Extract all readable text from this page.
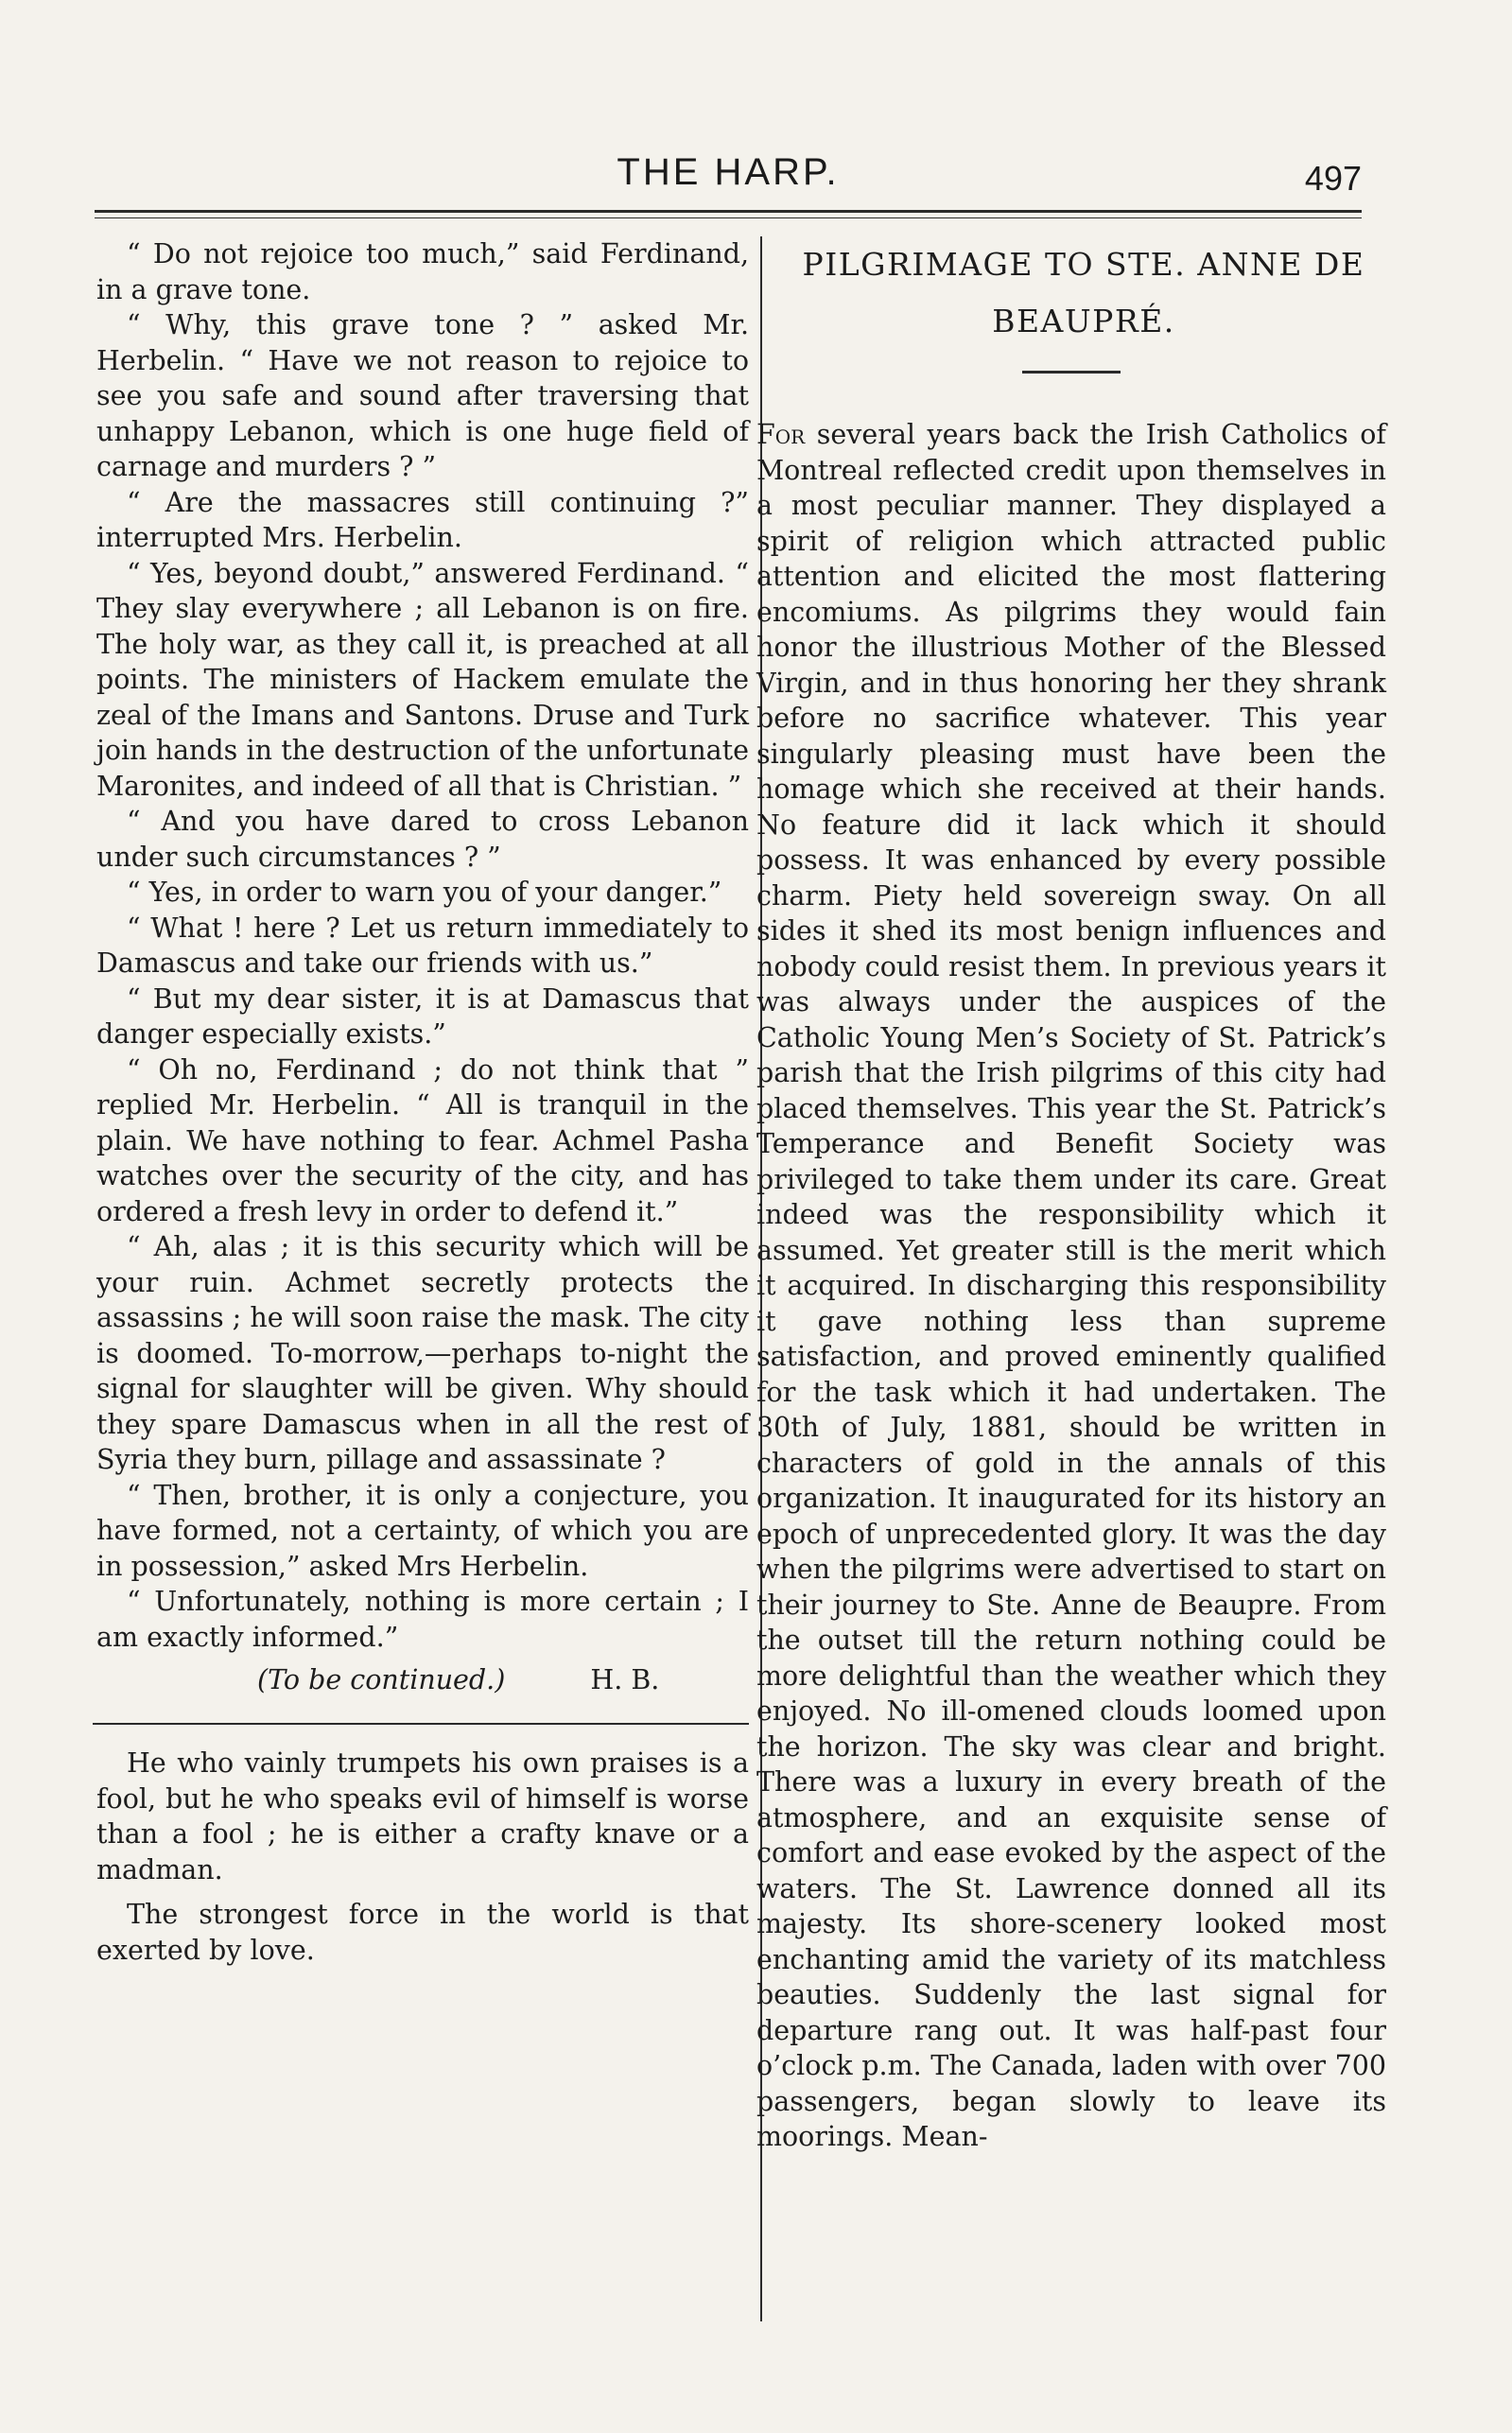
THE HARP.	497

“ Do not rejoice too much,” said Ferdinand, in a grave tone.

“ Why, this grave tone ? ” asked Mr. Herbelin. “ Have we not reason to rejoice to see you safe and sound after traversing that unhappy Lebanon, which is one huge field of carnage and murders ? ”

“ Are the massacres still continuing ?” interrupted Mrs. Herbelin.

“ Yes, beyond doubt,” answered Ferdinand. “ They slay everywhere ; all Lebanon is on fire. The holy war, as they call it, is preached at all points. The ministers of Hackem emulate the zeal of the Imans and Santons. Druse and Turk join hands in the destruction of the unfortunate Maronites, and indeed of all that is Christian. ”

“ And you have dared to cross Lebanon under such circumstances ? ”

“ Yes, in order to warn you of your danger.”

“ What ! here ? Let us return immediately to Damascus and take our friends with us.”

“ But my dear sister, it is at Damascus that danger especially exists.”

“ Oh no, Ferdinand ; do not think that ” replied Mr. Herbelin. “ All is tranquil in the plain. We have nothing to fear. Achmel Pasha watches over the security of the city, and has ordered a fresh levy in order to defend it.”

“ Ah, alas ; it is this security which will be your ruin. Achmet secretly protects the assassins ; he will soon raise the mask. The city is doomed. To-morrow,—perhaps to-night the signal for slaughter will be given. Why should they spare Damascus when in all the rest of Syria they burn, pillage and assassinate ?

“ Then, brother, it is only a conjecture, you have formed, not a certainty, of which you are in possession,” asked Mrs Herbelin.

“ Unfortunately, nothing is more certain ; I am exactly informed.”

(To be continued.)	H. B.

He who vainly trumpets his own praises is a fool, but he who speaks evil of himself is worse than a fool ; he is either a crafty knave or a madman.

The strongest force in the world is that exerted by love.

PILGRIMAGE TO STE. ANNE DE BEAUPRÉ.

For several years back the Irish Catholics of Montreal reflected credit upon themselves in a most peculiar manner. They displayed a spirit of religion which attracted public attention and elicited the most flattering encomiums. As pilgrims they would fain honor the illustrious Mother of the Blessed Virgin, and in thus honoring her they shrank before no sacrifice whatever. This year singularly pleasing must have been the homage which she received at their hands. No feature did it lack which it should possess. It was enhanced by every possible charm. Piety held sovereign sway. On all sides it shed its most benign influences and nobody could resist them. In previous years it was always under the auspices of the Catholic Young Men’s Society of St. Patrick’s parish that the Irish pilgrims of this city had placed themselves. This year the St. Patrick’s Temperance and Benefit Society was privileged to take them under its care. Great indeed was the responsibility which it assumed. Yet greater still is the merit which it acquired. In discharging this responsibility it gave nothing less than supreme satisfaction, and proved eminently qualified for the task which it had undertaken. The 30th of July, 1881, should be written in characters of gold in the annals of this organization. It inaugurated for its history an epoch of unprecedented glory. It was the day when the pilgrims were advertised to start on their journey to Ste. Anne de Beaupre. From the outset till the return nothing could be more delightful than the weather which they enjoyed. No ill-omened clouds loomed upon the horizon. The sky was clear and bright. There was a luxury in every breath of the atmosphere, and an exquisite sense of comfort and ease evoked by the aspect of the waters. The St. Lawrence donned all its majesty. Its shore-scenery looked most enchanting amid the variety of its matchless beauties. Suddenly the last signal for departure rang out. It was half-past four o’clock p.m. The Canada, laden with over 700 passengers, began slowly to leave its moorings. Mean-
